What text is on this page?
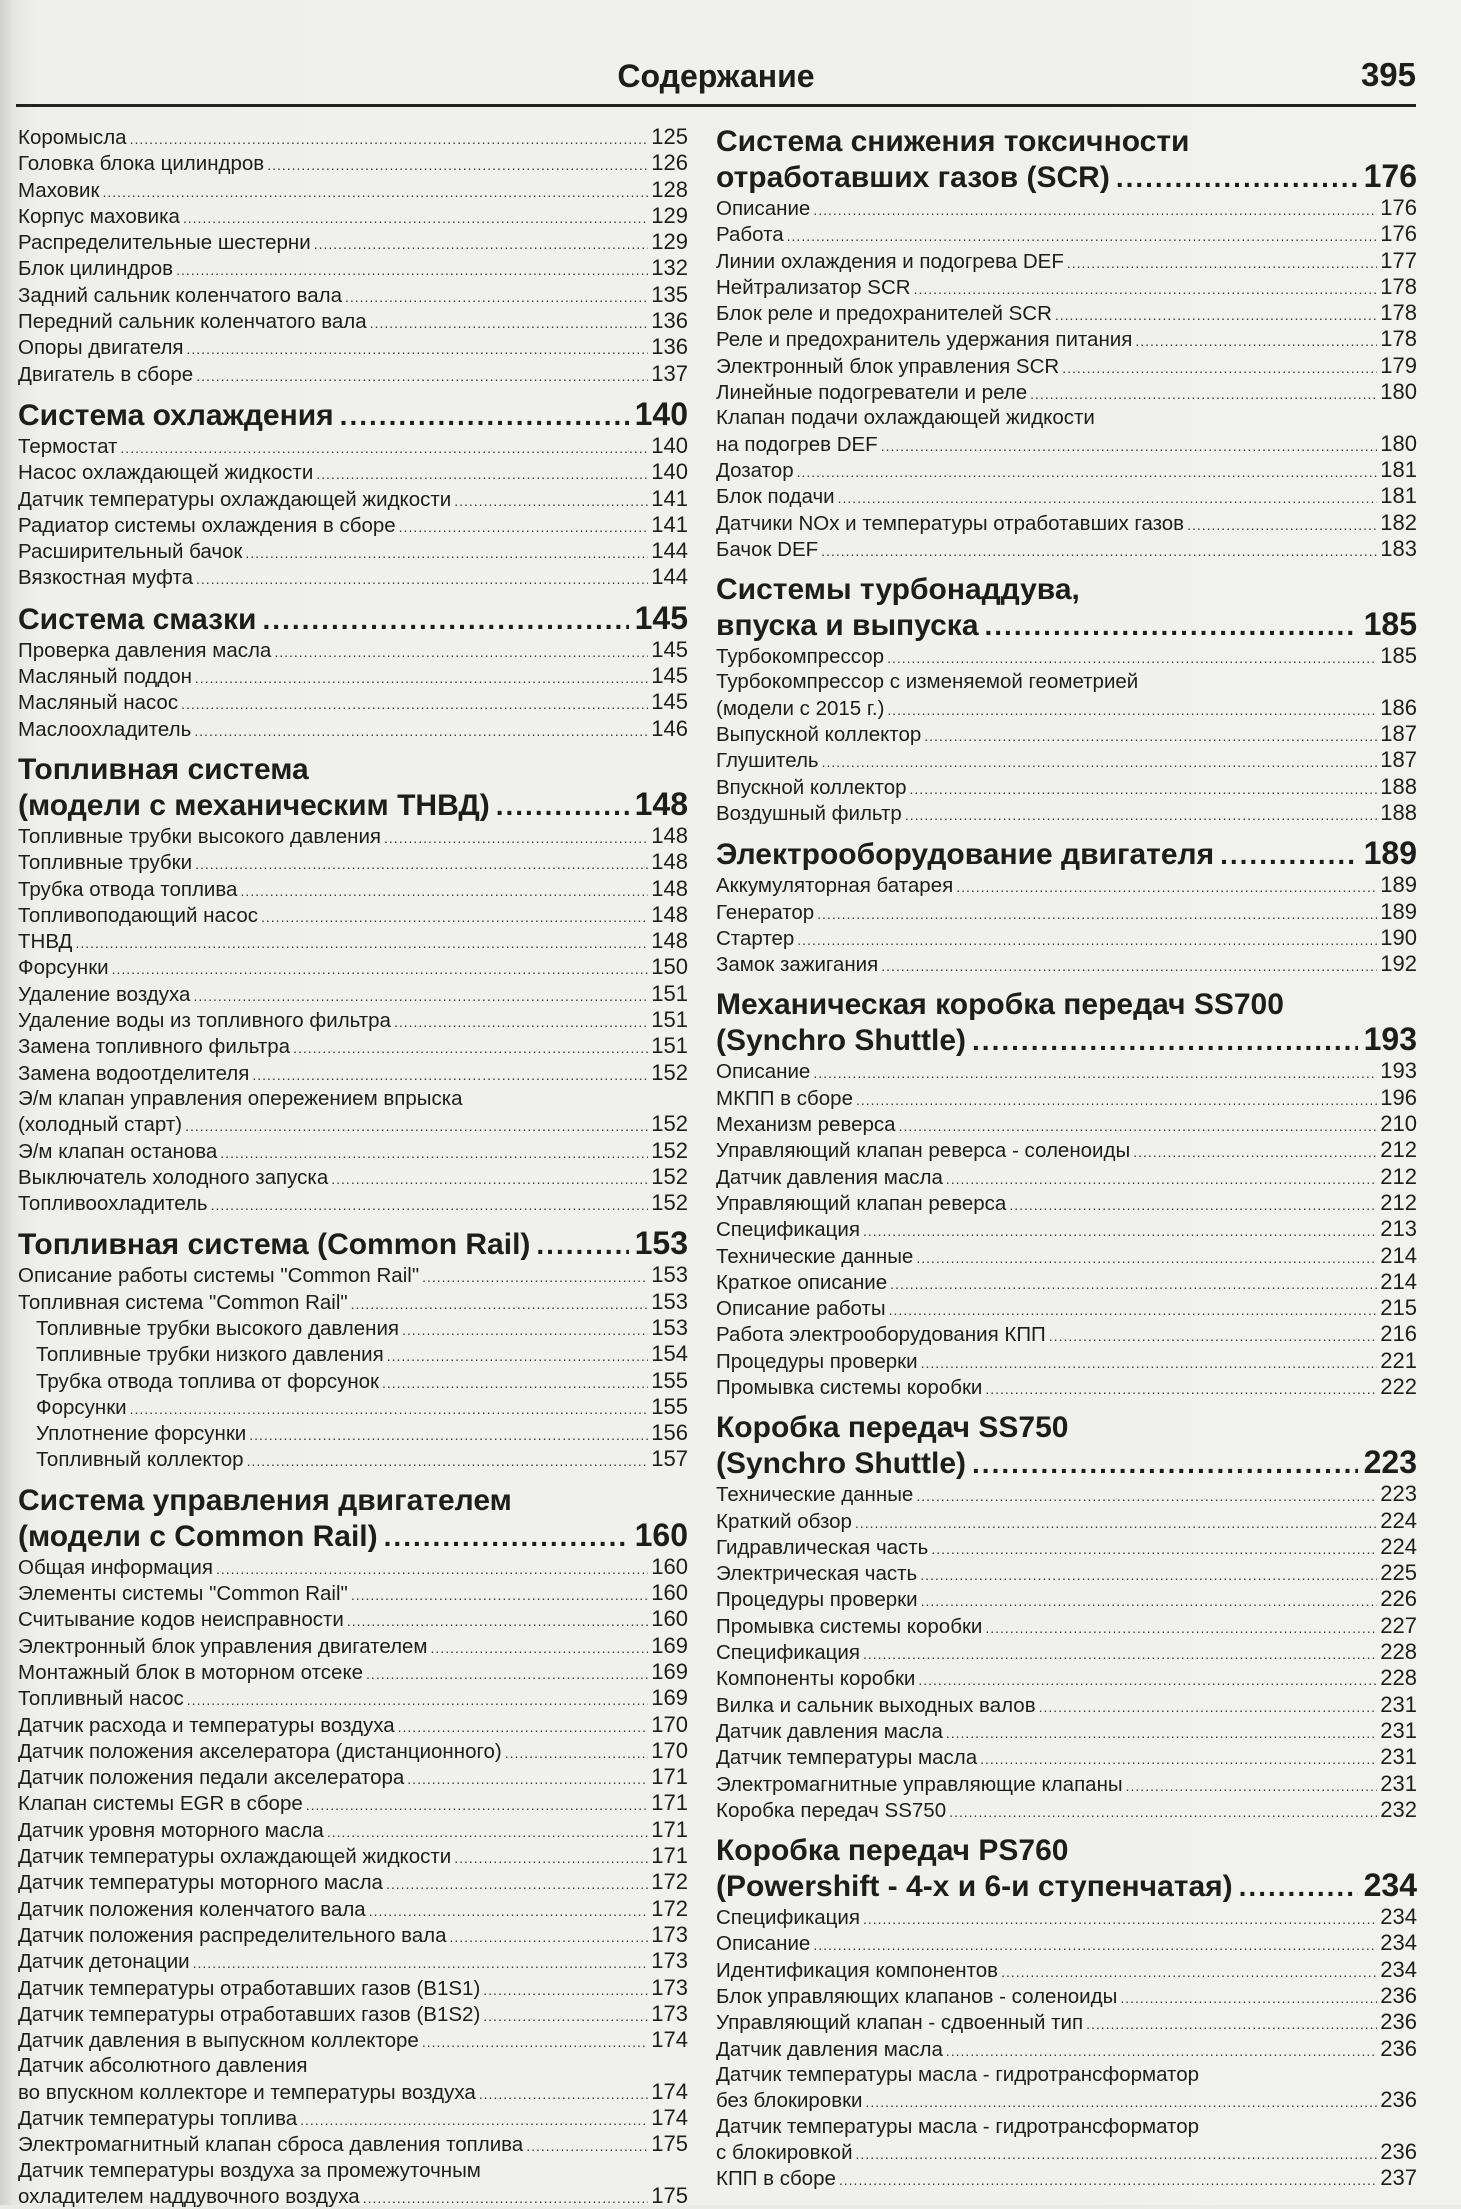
Содержание	395
Коромысла .....	125
Головка блока цилиндров .....	126
Маховик .....	128
Корпус маховика .....	129
Распределительные шестерни .....	129
Блок цилиндров .....	132
Задний сальник коленчатого вала .....	135
Передний сальник коленчатого вала .....	136
Опоры двигателя .....	136
Двигатель в сборе .....	137
Система охлаждения .....	140
Термостат .....	140
Насос охлаждающей жидкости .....	140
Датчик температуры охлаждающей жидкости .....	141
Радиатор системы охлаждения в сборе .....	141
Расширительный бачок .....	144
Вязкостная муфта .....	144
Система смазки .....	145
Проверка давления масла .....	145
Масляный поддон .....	145
Масляный насос .....	145
Маслоохладитель .....	146
Топливная система
(модели с механическим ТНВД) .....	148
Топливные трубки высокого давления .....	148
Топливные трубки .....	148
Трубка отвода топлива .....	148
Топливоподающий насос .....	148
ТНВД .....	148
Форсунки .....	150
Удаление воздуха .....	151
Удаление воды из топливного фильтра .....	151
Замена топливного фильтра .....	151
Замена водоотделителя .....	152
Э/м клапан управления опережением впрыска
(холодный старт) .....	152
Э/м клапан останова .....	152
Выключатель холодного запуска .....	152
Топливоохладитель .....	152
Топливная система (Common Rail) .....	153
Описание работы системы "Common Rail" .....	153
Топливная система "Common Rail" .....	153
Топливные трубки высокого давления .....	153
Топливные трубки низкого давления .....	154
Трубка отвода топлива от форсунок .....	155
Форсунки .....	155
Уплотнение форсунки .....	156
Топливный коллектор .....	157
Система управления двигателем
(модели с Common Rail) .....	160
Общая информация .....	160
Элементы системы "Common Rail" .....	160
Считывание кодов неисправности .....	160
Электронный блок управления двигателем .....	169
Монтажный блок в моторном отсеке .....	169
Топливный насос .....	169
Датчик расхода и температуры воздуха .....	170
Датчик положения акселератора (дистанционного) .....	170
Датчик положения педали акселератора .....	171
Клапан системы EGR в сборе .....	171
Датчик уровня моторного масла .....	171
Датчик температуры охлаждающей жидкости .....	171
Датчик температуры моторного масла .....	172
Датчик положения коленчатого вала .....	172
Датчик положения распределительного вала .....	173
Датчик детонации .....	173
Датчик температуры отработавших газов (B1S1) .....	173
Датчик температуры отработавших газов (B1S2) .....	173
Датчик давления в выпускном коллекторе .....	174
Датчик абсолютного давления
во впускном коллекторе и температуры воздуха .....	174
Датчик температуры топлива .....	174
Электромагнитный клапан сброса давления топлива .....	175
Датчик температуры воздуха за промежуточным
охладителем наддувочного воздуха .....	175
Система снижения токсичности
отработавших газов (SCR) .....	176
Описание .....	176
Работа .....	176
Линии охлаждения и подогрева DEF .....	177
Нейтрализатор SCR .....	178
Блок реле и предохранителей SCR .....	178
Реле и предохранитель удержания питания .....	178
Электронный блок управления SCR .....	179
Линейные подогреватели и реле .....	180
Клапан подачи охлаждающей жидкости
на подогрев DEF .....	180
Дозатор .....	181
Блок подачи .....	181
Датчики NOx и температуры отработавших газов .....	182
Бачок DEF .....	183
Системы турбонаддува,
впуска и выпуска .....	185
Турбокомпрессор .....	185
Турбокомпрессор с изменяемой геометрией
(модели с 2015 г.) .....	186
Выпускной коллектор .....	187
Глушитель .....	187
Впускной коллектор .....	188
Воздушный фильтр .....	188
Электрооборудование двигателя .....	189
Аккумуляторная батарея .....	189
Генератор .....	189
Стартер .....	190
Замок зажигания .....	192
Механическая коробка передач SS700
(Synchro Shuttle) .....	193
Описание .....	193
МКПП в сборе .....	196
Механизм реверса .....	210
Управляющий клапан реверса - соленоиды .....	212
Датчик давления масла .....	212
Управляющий клапан реверса .....	212
Спецификация .....	213
Технические данные .....	214
Краткое описание .....	214
Описание работы .....	215
Работа электрооборудования КПП .....	216
Процедуры проверки .....	221
Промывка системы коробки .....	222
Коробка передач SS750
(Synchro Shuttle) .....	223
Технические данные .....	223
Краткий обзор .....	224
Гидравлическая часть .....	224
Электрическая часть .....	225
Процедуры проверки .....	226
Промывка системы коробки .....	227
Спецификация .....	228
Компоненты коробки .....	228
Вилка и сальник выходных валов .....	231
Датчик давления масла .....	231
Датчик температуры масла .....	231
Электромагнитные управляющие клапаны .....	231
Коробка передач SS750 .....	232
Коробка передач PS760
(Powershift - 4-х и 6-и ступенчатая) .....	234
Спецификация .....	234
Описание .....	234
Идентификация компонентов .....	234
Блок управляющих клапанов - соленоиды .....	236
Управляющий клапан - сдвоенный тип .....	236
Датчик давления масла .....	236
Датчик температуры масла - гидротрансформатор
без блокировки .....	236
Датчик температуры масла - гидротрансформатор
с блокировкой .....	236
КПП в сборе .....	237
